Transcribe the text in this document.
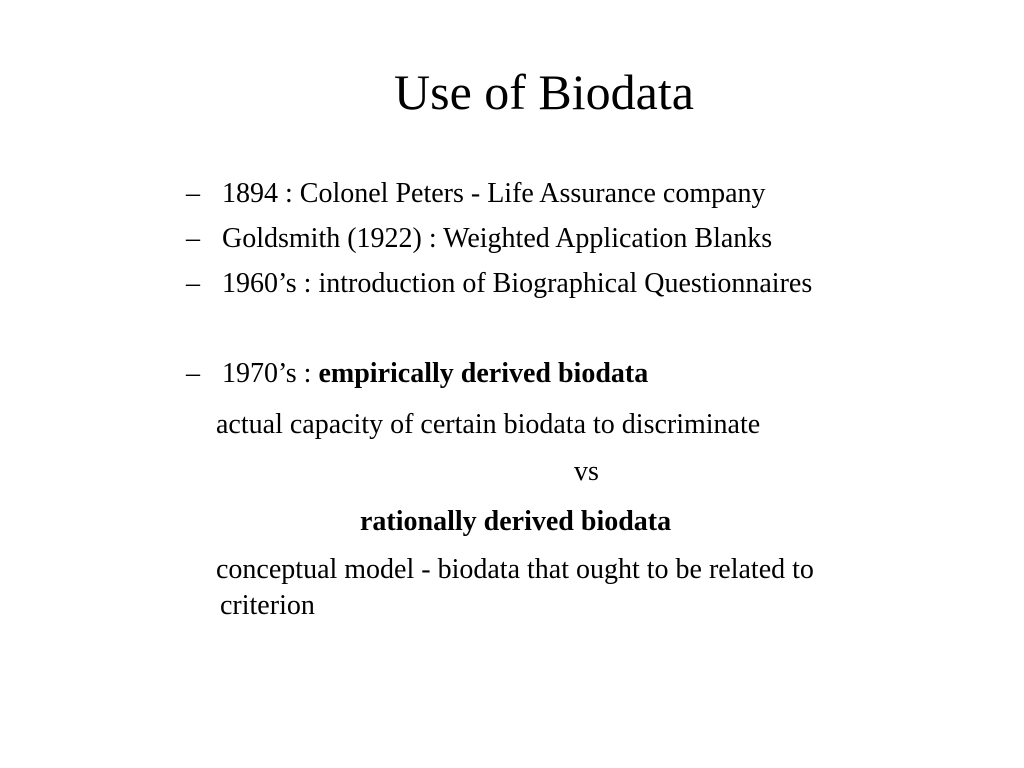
Use of Biodata
– 1894 : Colonel Peters - Life Assurance company
– Goldsmith (1922) : Weighted Application Blanks
– 1960’s : introduction of Biographical Questionnaires
– 1970’s : empirically derived biodata
actual capacity of certain biodata to discriminate
vs
rationally derived biodata
conceptual model - biodata that ought to be related to
criterion
